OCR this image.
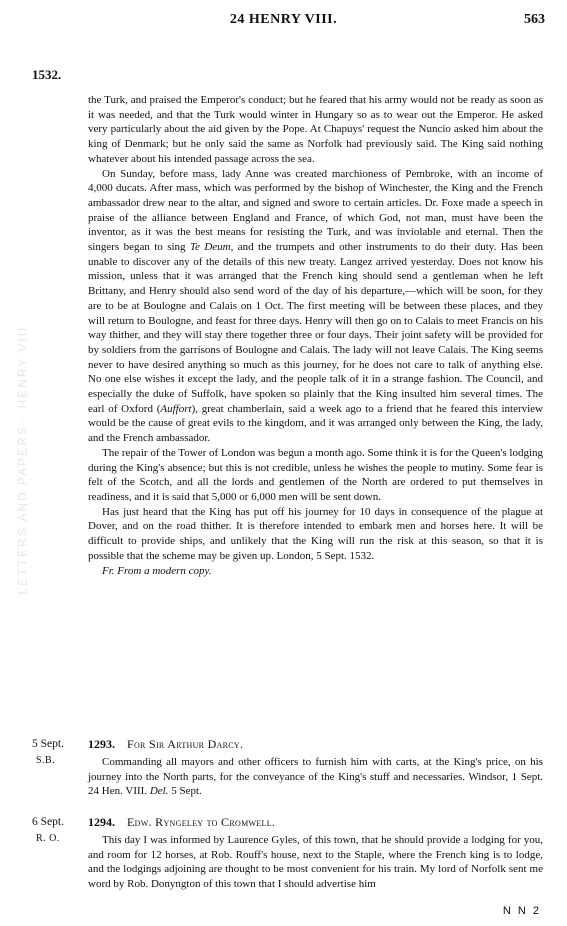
LETTERS AND PAPERS · HENRY VIII
24 HENRY VIII.	563
1532.

the Turk, and praised the Emperor's conduct; but he feared that his army would not be ready as soon as it was needed, and that the Turk would winter in Hungary so as to wear out the Emperor. He asked very particularly about the aid given by the Pope. At Chapuys' request the Nuncio asked him about the king of Denmark; but he only said the same as Norfolk had previously said. The King said nothing whatever about his intended passage across the sea.

On Sunday, before mass, lady Anne was created marchioness of Pembroke, with an income of 4,000 ducats. After mass, which was performed by the bishop of Winchester, the King and the French ambassador drew near to the altar, and signed and swore to certain articles. Dr. Foxe made a speech in praise of the alliance between England and France, of which God, not man, must have been the inventor, as it was the best means for resisting the Turk, and was inviolable and eternal. Then the singers began to sing Te Deum, and the trumpets and other instruments to do their duty. Has been unable to discover any of the details of this new treaty. Langez arrived yesterday. Does not know his mission, unless that it was arranged that the French king should send a gentleman when he left Brittany, and Henry should also send word of the day of his departure,—which will be soon, for they are to be at Boulogne and Calais on 1 Oct. The first meeting will be between these places, and they will return to Boulogne, and feast for three days. Henry will then go on to Calais to meet Francis on his way thither, and they will stay there together three or four days. Their joint safety will be provided for by soldiers from the garrisons of Boulogne and Calais. The lady will not leave Calais. The King seems never to have desired anything so much as this journey, for he does not care to talk of anything else. No one else wishes it except the lady, and the people talk of it in a strange fashion. The Council, and especially the duke of Suffolk, have spoken so plainly that the King insulted him several times. The earl of Oxford (Auffort), great chamberlain, said a week ago to a friend that he feared this interview would be the cause of great evils to the kingdom, and it was arranged only between the King, the lady, and the French ambassador.

The repair of the Tower of London was begun a month ago. Some think it is for the Queen's lodging during the King's absence; but this is not credible, unless he wishes the people to mutiny. Some fear is felt of the Scotch, and all the lords and gentlemen of the North are ordered to put themselves in readiness, and it is said that 5,000 or 6,000 men will be sent down.

Has just heard that the King has put off his journey for 10 days in consequence of the plague at Dover, and on the road thither. It is therefore intended to embark men and horses here. It will be difficult to provide ships, and unlikely that the King will run the risk at this season, so that it is possible that the scheme may be given up. London, 5 Sept. 1532.

Fr. From a modern copy.

5 Sept.
S.B.
1293. For Sir Arthur Darcy.

Commanding all mayors and other officers to furnish him with carts, at the King's price, on his journey into the North parts, for the conveyance of the King's stuff and necessaries. Windsor, 1 Sept. 24 Hen. VIII. Del. 5 Sept.

6 Sept.
R. O.
1294. Edw. Ryngeley to Cromwell.

This day I was informed by Laurence Gyles, of this town, that he should provide a lodging for you, and room for 12 horses, at Rob. Rouff's house, next to the Staple, where the French king is to lodge, and the lodgings adjoining are thought to be most convenient for his train. My lord of Norfolk sent me word by Rob. Donyngton of this town that I should advertise him

N N 2
